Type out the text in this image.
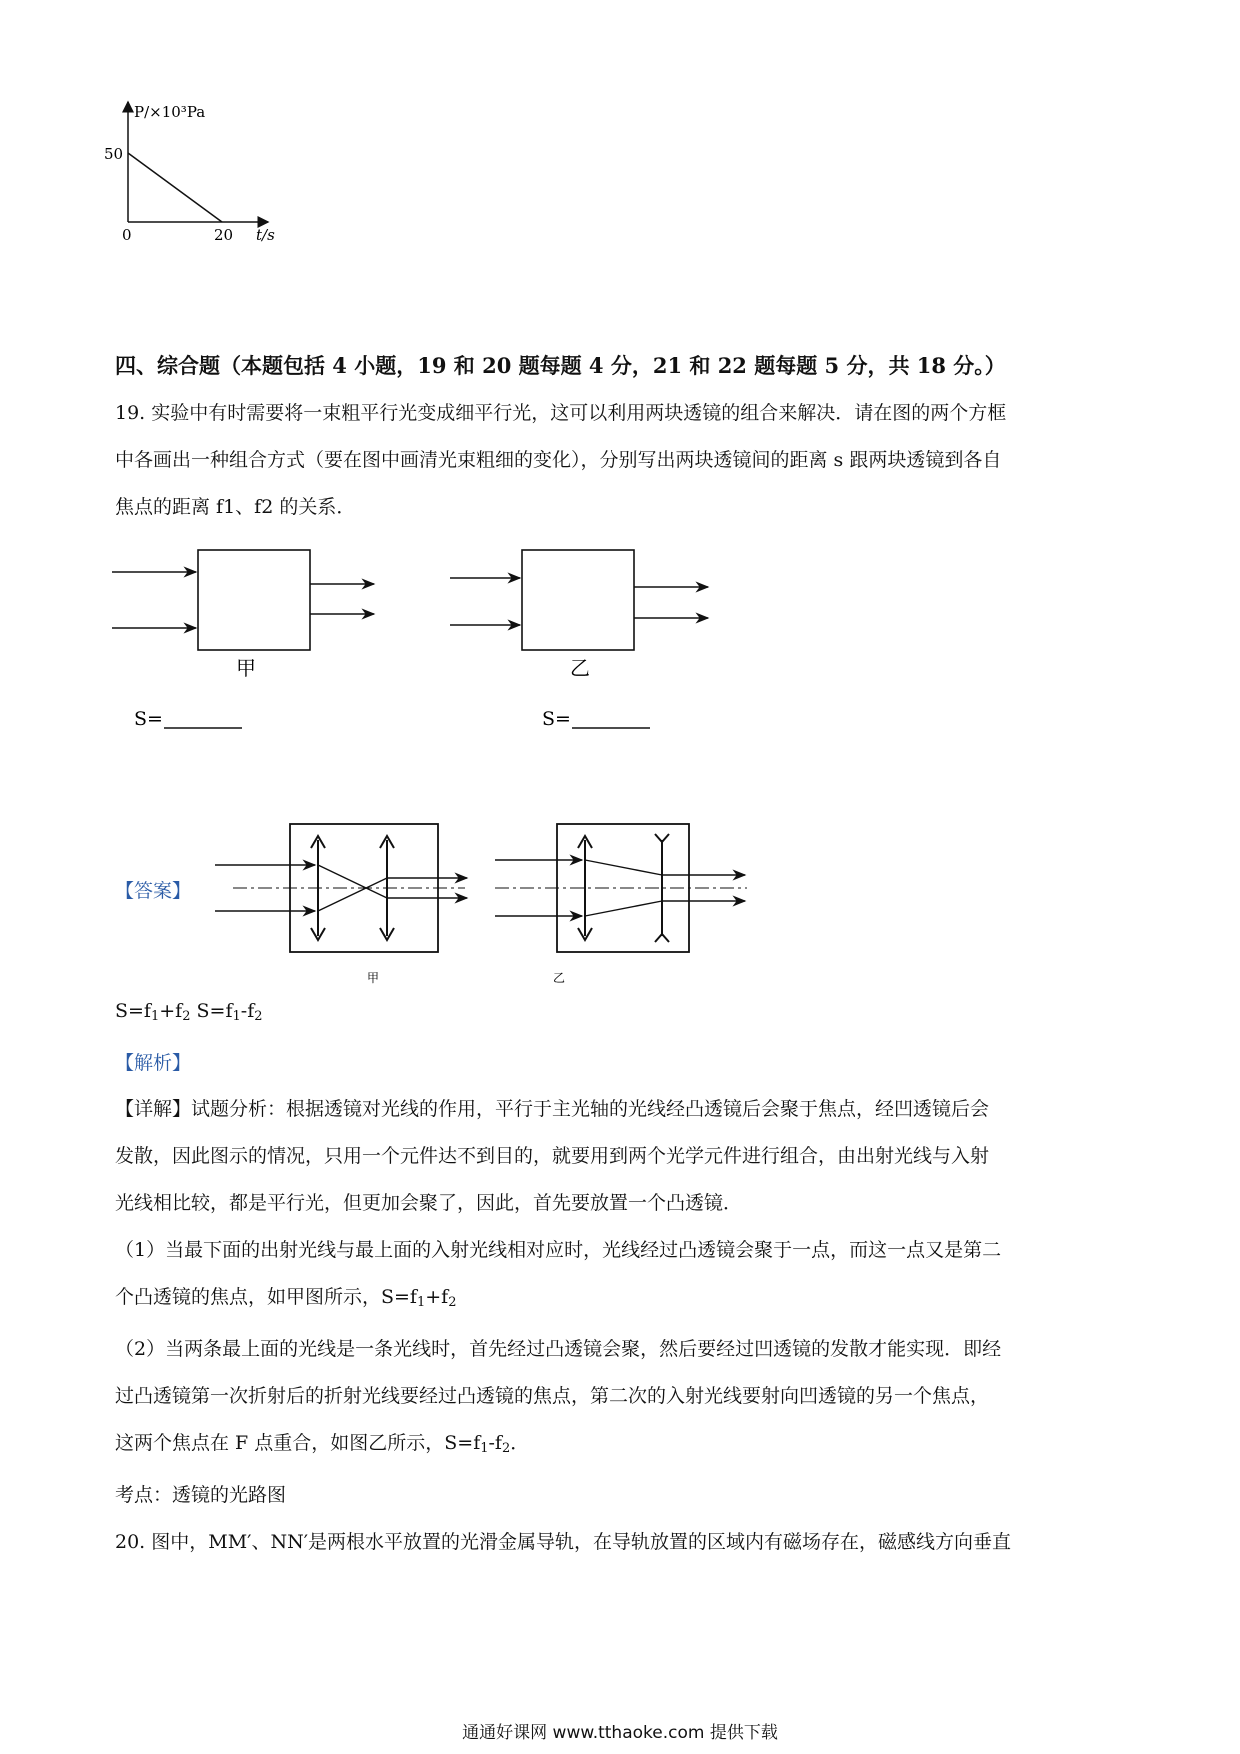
P/×10³Pa
50
0	20 t/s
四、综合题（本题包括 4 小题，19 和 20 题每题 4 分，21 和 22 题每题 5 分，共 18 分。）
19. 实验中有时需要将一束粗平行光变成细平行光，这可以利用两块透镜的组合来解决．请在图的两个方框
中各画出一种组合方式（要在图中画清光束粗细的变化），分别写出两块透镜间的距离 s 跟两块透镜到各自
焦点的距离 f1、f2 的关系．
甲
S=
乙
S=
【答案】
甲	乙
$S=f_1+f_2$ $S=f_1-f_2$
【解析】
【详解】试题分析：根据透镜对光线的作用，平行于主光轴的光线经凸透镜后会聚于焦点，经凹透镜后会
发散，因此图示的情况，只用一个元件达不到目的，就要用到两个光学元件进行组合，由出射光线与入射
光线相比较，都是平行光，但更加会聚了，因此，首先要放置一个凸透镜．
（1）当最下面的出射光线与最上面的入射光线相对应时，光线经过凸透镜会聚于一点，而这一点又是第二
个凸透镜的焦点，如甲图所示，$S=f_1+f_2$
（2）当两条最上面的光线是一条光线时，首先经过凸透镜会聚，然后要经过凹透镜的发散才能实现．即经
过凸透镜第一次折射后的折射光线要经过凸透镜的焦点，第二次的入射光线要射向凹透镜的另一个焦点，
这两个焦点在 F 点重合，如图乙所示，$S=f_1-f_2$．
考点：透镜的光路图
20. 图中，MM′、NN′是两根水平放置的光滑金属导轨，在导轨放置的区域内有磁场存在，磁感线方向垂直
通通好课网 www.tthaoke.com 提供下载
